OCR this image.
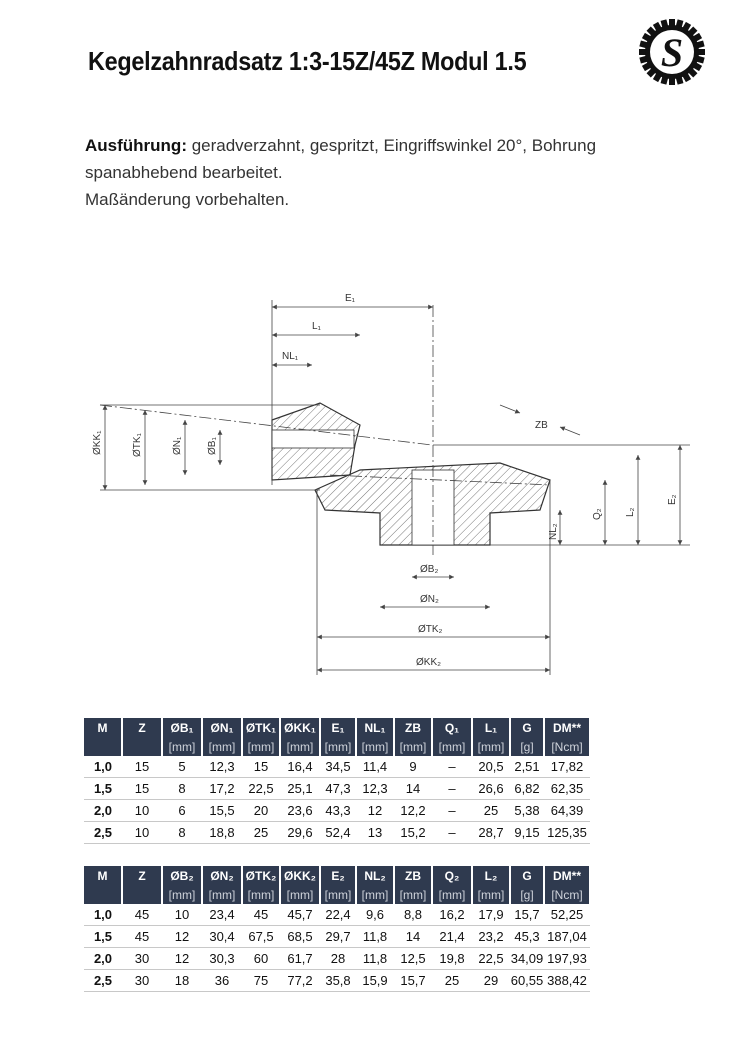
Kegelzahnradsatz 1:3-15Z/45Z Modul 1.5	S
Ausführung: geradverzahnt, gespritzt, Eingriffswinkel 20°, Bohrung
spanabhebend bearbeitet.
Maßänderung vorbehalten.
E₁
L₁
NL₁
ØKK₁	ØTK₁	ØN₁ ØB₁
ZB
Q₂ L₂
E₂
NL₂
ØB₂
ØN₂
ØTK₂
ØKK₂
M	Z	ØB₁	ØN₁	ØTK₁	ØKK₁	E₁	NL₁	ZB	Q₁	L₁	G	DM**
		[mm]	[mm]	[mm]	[mm]	[mm]	[mm]	[mm]	[mm]	[mm]	[g]	[Ncm]
1,0	15	5	12,3	15	16,4	34,5	11,4	9	–	20,5	2,51	17,82
1,5	15	8	17,2	22,5	25,1	47,3	12,3	14	–	26,6	6,82	62,35
2,0	10	6	15,5	20	23,6	43,3	12	12,2	–	25	5,38	64,39
2,5	10	8	18,8	25	29,6	52,4	13	15,2	–	28,7	9,15	125,35
M	Z	ØB₂	ØN₂	ØTK₂	ØKK₂	E₂	NL₂	ZB	Q₂	L₂	G	DM**
		[mm]	[mm]	[mm]	[mm]	[mm]	[mm]	[mm]	[mm]	[mm]	[g]	[Ncm]
1,0	45	10	23,4	45	45,7	22,4	9,6	8,8	16,2	17,9	15,7	52,25
1,5	45	12	30,4	67,5	68,5	29,7	11,8	14	21,4	23,2	45,3	187,04
2,0	30	12	30,3	60	61,7	28	11,8	12,5	19,8	22,5	34,09	197,93
2,5	30	18	36	75	77,2	35,8	15,9	15,7	25	29	60,55	388,42
